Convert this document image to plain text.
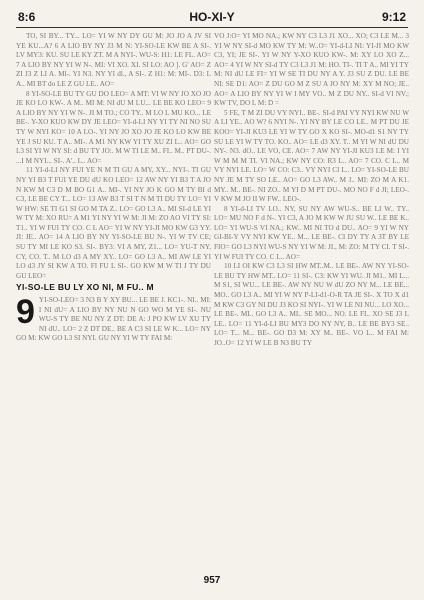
8:6	HO-XI-Y	9:12

TO, SI BY... TY... LO= YI W NY DY GU M: JO JO A JV SI YE KU...A? 6 A LIO BY NY J3 M N: YI-SO-LE KW BE A SI-. LV MY3: KU. SU LE KY ZT. M A NYI-. WU-S: H1: LE FL. AO= 7 A LIO BY NY YI W N-. MI: VI XO. XI. SI LO: AO ]. G' AO= Z ZI J3 Z LI A. Ml-. YI N3. NY YI dl., A SI-. Z H1: M: MI-. D3: L A.. MI BT do LE Z GU LE.. AO=

8 YI-SO-LE BU TY GU DO LEO= A MT: VI W NY JO XO JO JE KO LO KW-. A M.. MI M: NI dU M LU... LE BE KO LEO= 9 A LIO BY NY YI W N-. JI M TO.; CO TY.. M LO L MU KO... LE BE-. Y-XO KUO KW DY JE LEO= YI-d-LI NY YI TY NI NO SU TY W NYI KO= 10 A LO-. YI NY JO XO JO JE KO LO KW BE YE J SU KU. T A.. MI-. A M1 NY KW YI TY XU ZI L.. AO= GO L3 SI YI W NY SI: d BU TY JO:. M W TI LE M.. FI.. M.. PT DU-. ...I M NYI... SI-. A'.. L.. AO=

11 YI-d-LI NY FUI YE N M TI GU A MY, XY... NYI-. TI GU NY YI B3 T FUI YE DU dU KO LEO= 12 AW NY YI B3 T A JO N KW M C3 D M BO G1 A.. MI-. YI NY JO K GO M TY BI d C3, LE BE CY T... LO= 13 AW B3 T SI T N M TI DU TY LO= YI W HW: SE TI G1 SI GO M TA Z.. LO= GO L3 A.. MI SI-d LE YI W TY M: XO RU= A M1 YI NY YI W M: JI M: ZO AO VI TY SI: T1.. YI W FUI TY CO. C L AO= YI W NY YI-JI MO KW G3 YY. JI: JE.. AO= 14 A LIO BY NY YI-SO-LE BU N-. YI W TV CE; SU TY MI LE KO S3. SI-. BY3: VI A MY, Z1... LO= YU-T NY, CY, CO. T.. M LO d3 A MY XY.. LO= GO L3 A.. MI AW LE YI LO d3 JY SI KW A TO. FI FU L SI-. GO KW M W TI J TY DU GU LEO=

YI-SO-LE BU LY XO NI, M FU.. M
9 YI-SO-LEO= 3 N3 B Y XY BU... LE BE J. KC1-. NI.. MI: I NI dU= A LIO BY NY NU N GO WO M YE SI-. NU WU-S TY BE NU NY Z DT: DE A: J PO KW LV XU TY NI dU.. LO= 2 Z DT DE.. BE A C3 SI LE W K... LO= NY GO M: KW GO L3 SI NYI. GU NY YI W TY FAI M:

VO J:O= YI MO NA.; KW NY C3 L3 J1 XO... XO; C3 LE M... 3 YI W NY SI-d MO KW TY M: W..O= YI-d-LI NI: YI-JI MO KW C3, YI; JE SI-. YI W NY Y-XO KUO KW-. M: XY LO XO Z... AO= 4 YI W NY SI-d TY C3 L3 J1 M: HO. TI-. TI T A.. MI YI TY M: NI dU LE FI= YI W SE TI DU NY A Y. J3 SU Z DU. LE BE NI: SE D1: AO= Z DU GO M Z SU A JO NY M: XY M NO; JE.. AO= A LIO BY NY YI W I MY VO.. M Z DU NY.. SI-d VI NV.; KW TV, DO L M: D =

5 FE, T M ZI DU VY NYI.. BE-. SI-d PAI VY NYI KW NU W A LI YE.. AO W? 6 NYI N-. YI NY BY LE CO LE.. M PT DU JE KOO= YI-JI KU3 LE YI W TY GO X KO SI-. MO-d1 S1 NY TY SU LE YI W TY TO. KO.. AO= LE d3 XY. T.. M YI W NI dU DU NY-. N3. dO.. LE VO, CE. AO= 7 AW NY YI-JI KU3 LE M: I YI W M M M TI. VI NA.; KW NY CO: R3 L.. AO= 7 CO. C L.. M VY NYI LE. LO= W CO: C3.. VY NYI CI L.. LO= YI-SO-LE BU NY JE M TY SO LE.. AO= GO L3 AW.. M J.. MI: ZO M A K1. MY.. M.. BE-. NI ZO.. M YI D M PT DU-. MO NO F d JI; LEO-. V KW M JO II W FW.. LEO-.

8 YI-d-LI TV LO.. NY, SU NY AW WU-S.. BE LI W.. TY.. LO= MU NO F d N-. YI C3, A JO M KW W JU SU W.. LE BE K.. LO= YI WU-S VI NA.; KW.. MI NI TO d DU.. AO= 9 YI W NY GI-BI-Y VY NYI KW YE.. M... LE BE-. CI DY TY A 3T BY LE FIO= GO L3 NYI WU-S NY YI W M: JI., M: ZO: M TY CI. T SI-. YI W FUI TY CO. C L.. AO=

10 LI OI KW C3 L3 SI HW MT..M.. LE BE-. AW NY YI-SO-LE BU TY HW MT.. LO= 11 SI-. C3: KW YI WU. JI M1.. MI L... M S1, SI WU... LE BE-. AW NY NU W dU ZO NY M... LE BE... MO.. GO L3 A.. MI YI W NY P-LI-d1-O-R TA JE SI-. X TO X d1 M KW C3 GY NI DU J3 KO SI NYI-. YI W LE NI NU... LO XO... LE BE-. MI.. GO L3 A.. MI.. SE MO... NO. LE FI.. XO SE J3 L LE.. LO= 11 YI-d-LI BU MY3 DO NY NY, B.. LE BE BY3 SE.. LO= T... M... BE-. GO D3 M: XY M.. BE-. VO L.. M FAI M: JO..O= 12 YI W LE B N3 BU TY

957
